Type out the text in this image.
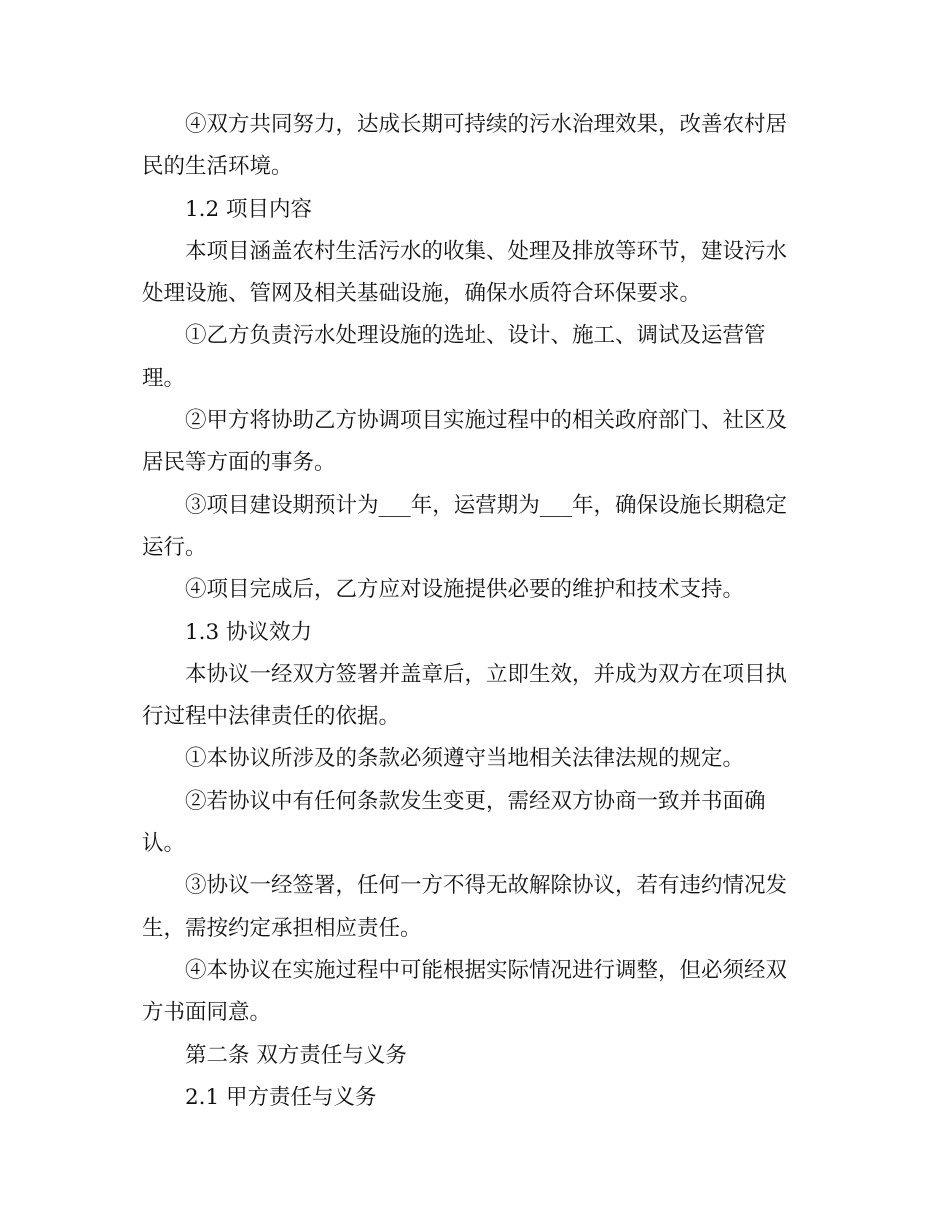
④双方共同努力，达成长期可持续的污水治理效果，改善农村居民的生活环境。

1.2 项目内容

本项目涵盖农村生活污水的收集、处理及排放等环节，建设污水处理设施、管网及相关基础设施，确保水质符合环保要求。

①乙方负责污水处理设施的选址、设计、施工、调试及运营管理。

②甲方将协助乙方协调项目实施过程中的相关政府部门、社区及居民等方面的事务。

③项目建设期预计为___年，运营期为___年，确保设施长期稳定运行。

④项目完成后，乙方应对设施提供必要的维护和技术支持。

1.3 协议效力

本协议一经双方签署并盖章后，立即生效，并成为双方在项目执行过程中法律责任的依据。

①本协议所涉及的条款必须遵守当地相关法律法规的规定。

②若协议中有任何条款发生变更，需经双方协商一致并书面确认。

③协议一经签署，任何一方不得无故解除协议，若有违约情况发生，需按约定承担相应责任。

④本协议在实施过程中可能根据实际情况进行调整，但必须经双方书面同意。

第二条 双方责任与义务

2.1 甲方责任与义务
